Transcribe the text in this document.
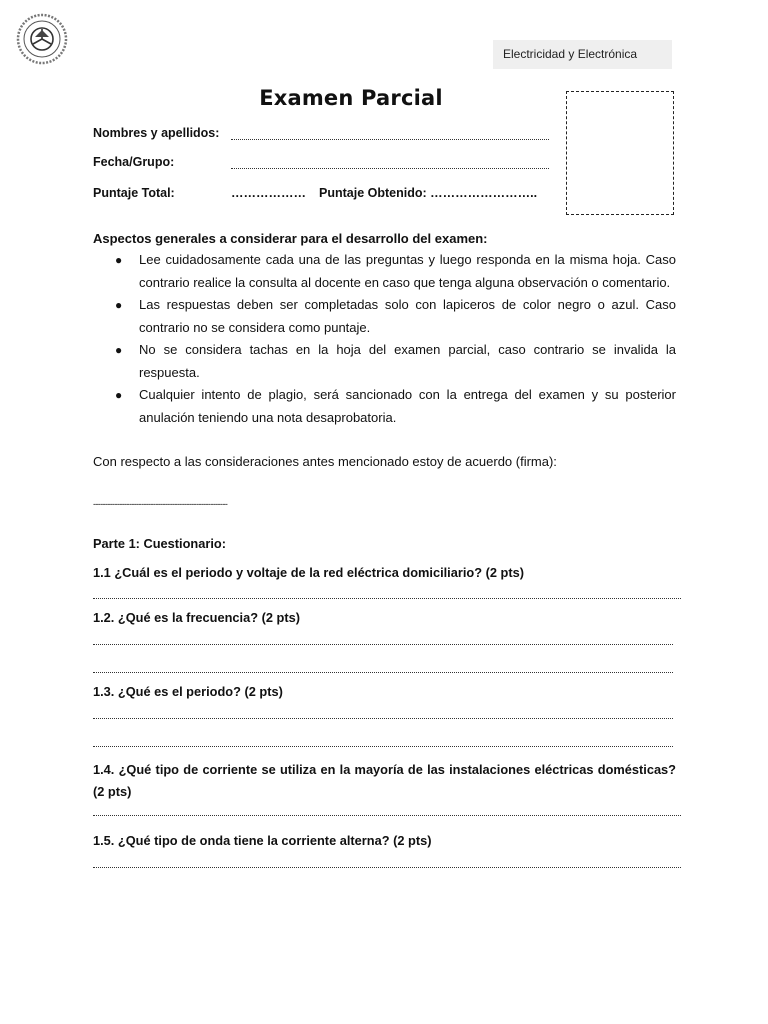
Electricidad y Electrónica
Examen Parcial
Nombres y apellidos:
Fecha/Grupo:
Puntaje Total:	……………… Puntaje Obtenido: ……………………..
Aspectos generales a considerar para el desarrollo del examen:
● Lee cuidadosamente cada una de las preguntas y luego responda en la misma hoja. Caso contrario realice la consulta al docente en caso que tenga alguna observación o comentario.
● Las respuestas deben ser completadas solo con lapiceros de color negro o azul. Caso contrario no se considera como puntaje.
● No se considera tachas en la hoja del examen parcial, caso contrario se invalida la respuesta.
● Cualquier intento de plagio, será sancionado con la entrega del examen y su posterior anulación teniendo una nota desaprobatoria.
Con respecto a las consideraciones antes mencionado estoy de acuerdo (firma):
--------------------------------------------------------
Parte 1: Cuestionario:
1.1 ¿Cuál es el periodo y voltaje de la red eléctrica domiciliario? (2 pts)
1.2. ¿Qué es la frecuencia? (2 pts)
1.3. ¿Qué es el periodo? (2 pts)
1.4. ¿Qué tipo de corriente se utiliza en la mayoría de las instalaciones eléctricas domésticas?(2 pts)
1.5. ¿Qué tipo de onda tiene la corriente alterna? (2 pts)
